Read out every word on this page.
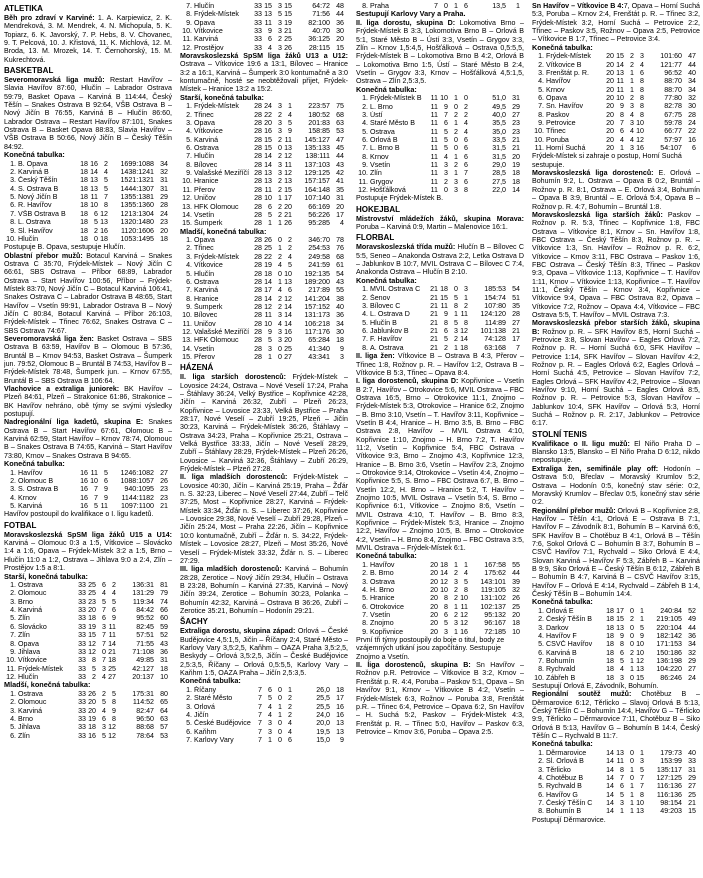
ATLETIKA
Běh pro zdraví v Karviné: 1. A. Karpiewicz, 2. K. Mendreková, 3. M. Mendrek, 4. N. Michopula, 5. K. Topiarz, 6. K. Javorský, 7. P. Hebs, 8. V. Chovanec, 9. T. Pelcová, 10. J. Křistová, 11. K. Michlová, 12. M. Broda, 13. M. Mrozek, 14. T. Černohorský, 15. M. Kukrechtová.
BASKETBAL
Severomoravská liga mužů: Restart Havířov – Slavia Havířov 87:60, Hlučín – Labrador Ostrava 59:79, Basket Opava – Karviná B 114:44, Český Těšín – Snakes Ostrava B 92:64, VŠB Ostrava B – Nový Jičín B 76:55, Karviná B – Hlučín 86:60, Labrador Ostrava – Restart Havířov 87:101, Snakes Ostrava B – Basket Opava 88:83, Slavia Havířov – VŠB Ostrava B 50:66, Nový Jičín B – Český Těšín 84:92.
Konečná tabulka:
1. B. Opava	18 16 2	1699:1088 34
2. Karviná B	18 14 4	1438:1241 32
3. Český Těšín	18 13 5	1521:1321 31
4. S. Ostrava B	18 13 5	1444:1307 31
5. Nový Jičín B	18 11 7	1355:1381 29
6. R. Havířov	18 10 8	1355:1360 28
7. VŠB Ostrava B	18 6 12	1213:1304 24
8. L. Ostrava	18 5 13	1320:1480 23
9. Sl. Havířov	18 2 16	1120:1606 20
10. Hlučín	18 0 18	1053:1495 18
Postupuje B. Opava, sestupuje Hlučín.
Oblastní přebor mužů: Botacul Karviná – Snakes Ostrava C 35:70, Frýdek-Místek – Nový Jičín C 66:61, SBS Ostrava – Příbor 68:89, Labrador Ostrava – Start Havířov 100:56, Příbor – Frýdek-Místek 83:70, Nový Jičín C – Botacul Karviná 106:41, Snakes Ostrava C – Labrador Ostrava B 48:65, Start Havířov – Vsetín 99:91, Labrador Ostrava B – Nový Jičín C 80:84, Botacul Karviná – Příbor 26:103, Frýdek-Místek – Třinec 76:62, Snakes Ostrava C – SBS Ostrava 74:67.
Severomoravská liga žen: Basket Ostrava – SBS Ostrava B 63:59, Havířov B – Olomouc B 57:36, Bruntál B – Krnov 94:53, Basket Ostrava – Šumperk jun. 79:52, Olomouc B – Bruntál B 74:53, Havířov B – Frýdek-Místek 78:48, Šumperk jun. – Krnov 67:55, Bruntál B – SBS Ostrava B 106:64.
Vlachovice a extraliga juniorek: BK Havířov – Plzeň 84:61, Plzeň – Strakonice 61:86, Strakonice – BK Havířov nehráno, obě týmy se svými výsledky postupují.
Nadregionální liga kadetů, skupina E: Snakes Ostrava B – Start Havířov 67:61, Olomouc B – Karviná 62:59, Start Havířov – Krnov 78:74, Olomouc B – Snakes Ostrava B 74:65, Karviná – Start Havířov 73:80, Krnov – Snakes Ostrava B 94:65.
Konečná tabulka:
1. Havířov	16 11 5	1246:1082 27
2. Olomouc B	16 10 6	1088:1057 26
3. S. Ostrava B	16 7 9	940:1095 23
4. Krnov	16 7 9	1144:1182 23
5. Karviná	16 5 11	1097:1100 21
Havířov postoupil do kvalifikace o I. ligu kadetů.
FOTBAL
Moravskoslezská SpSM liga žáků U15 a U14: Karviná – Olomouc 0:3 a 1:5, Vítkovice – Slovácko 1:4 a 1:6, Opava – Frýdek-Místek 3:2 a 1:5, Brno – Hlučín 11:0 a 1:2, Ostrava – Jihlava 9:0 a 2:4, Zlín – Prostějov 1:5 a 8:1.
Starší, konečná tabulka:
1. Ostrava	33 25 6 2	136:31 81
2. Olomouc	33 25 4 4	131:29 79
3. Brno	33 23 5 5	119:34 74
4. Karviná	33 20 7 6	84:42 66
5. Zlín	33 18 6 9	95:52 60
6. Slovácko	33 19 3 11	82:45 59
7. Zlín	33 15 7 11	57:51 52
8. Opava	33 12 7 14	71:55 43
9. Jihlava	33 12 0 21	71:108 36
10. Vítkovice	33 8 7 18	49:85 31
11. Frýdek-Místek	33 5 3 25	42:127 18
12. Hlučín	33 2 4 27	20:137 10
Mladší, konečná tabulka:
1. Ostrava	33 26 2 5	175:31 80
2. Olomouc	33 20 5 8	114:52 65
3. Karviná	33 20 4 9	82:47 64
4. Brno	33 19 6 8	96:50 63
5. Jihlava	33 18 3 12	88:68 57
6. Zlín	33 16 5 12	78:64 53
7. Hlučín	33 15 3 15	64:72 48
8. Frýdek-Místek	33 13 5 15	71:56 44
9. Opava	33 11 3 19	82:100 36
10. Vítkovice	33 9 3 21	40:70 30
11. Karviná	33 6 2 25	36:125 20
12. Prostějov	33 4 3 26	28:115 15
Moravskoslezská SpSM liga žáků U13 a U12: Ostrava – Vítkovice 19:6 a 13:1, Bílovec – Hranice 3:2 a 16:1, Karviná – Šumperk 3:0 kontumačně a 3:0 kontumačně, hosté se neobtěžovali přijet, Frýdek-Místek – Hranice 13:2 a 15:2.
Starší, konečná tabulka:
1. Frýdek-Místek	28 24 3 1	223:57 75
2. Třinec	28 22 2 4	180:52 68
3. Opava	28 20 3 5	201:83 63
4. Vítkovice	28 16 3 9	158:85 53
5. Karviná	28 15 2 11	145:127 47
6. Ostrava	28 15 0 13	135:133 45
7. Hlučín	28 14 2 12	138:111 44
8. Bílovec	28 14 3 11	137:103 43
9. Valašské Meziříčí 28 13 3 12	129:125 42
10. Hranice	28 13 2 13	157:157 41
11. Přerov	28 11 2 15	164:148 35
12. Uničov	28 10 1 17	107:140 31
13. HFK Olomouc	28 6 2 20	66:169 20
14. Vsetín	28 5 2 21	56:226 17
15. Šumperk	28 1 1 26	95:285	4
Mladší, konečná tabulka:
1. Opava	28 26 0 2	346:70 78
2. Třinec	28 25 1 2	254:53 76
3. Frýdek-Místek	28 22 2 4	249:58 68
4. Vítkovice	28 19 4 5	241:59 61
5. Hlučín	28 18 0 10	192:135 54
6. Ostrava	28 14 1 13	189:200 43
7. Karviná	28 17 4 6	217:89 55
8. Hranice	28 14 2 12	141:204 38
9. Šumperk	28 12 2 14	157:152 40
10. Bílovec	28 11 3 14	131:173 36
11. Uničov	28 10 4 14	106:218 34
12. Valašské Meziříčí 28 9 3 16	117:176 30
13. HFK Olomouc	28 5 3 20	65:284 18
14. Vsetín	28 3 0 25	41:340	9
15. Přerov	28 1 0 27	43:341	3
HÁZENÁ
II. liga starších dorostenců: Frýdek-Místek – Lovosice 24:24, Ostrava – Nové Veselí 17:24, Praha – Štáhlavy 36:24, Velký Bystřice – Kopřivnice 42:28, Jičín – Karviná 26:32, Zubří – Plzeň 26:23, Kopřivnice – Lovosice 23:33, Velká Bystřice – Praha 28:17, Nové Veselí – Zubří 19:25, Plzeň – Jičín 30:23, Karviná – Frýdek-Místek 36:26, Štáhlavy – Ostrava 34:23, Praha – Kopřivnice 25:21, Ostrava – Velká Bystřice 33:33, Jičín – Nové Veselí 28:29, Zubří – Štáhlavy 28:29, Frýdek-Místek – Plzeň 26:26, Lovosice – Karviná 32:36, Štáhlavy – Zubří 26:29, Frýdek-Místek – Plzeň 27:28.
II. liga mladších dorostenců: Frýdek-Místek – Lovosice 40:30, Jičín – Karviná 25:19, Praha – Žďár n. S. 32:23, Liberec – Nové Veselí 27:44, Zubří – Telč 37:25, Most – Kopřivnice 28:27, Karviná – Frýdek-Místek 33:34, Žďár n. S. – Liberec 37:26, Kopřivnice – Lovosice 29:38, Nové Veselí – Zubří 29:28, Plzeň – Jičín 25:24, Most – Praha 22:26, Jičín – Kopřivnice 10:0 kontumačně, Zubří – Žďár n. S. 34:22, Frýdek-Místek – Lovosice 28:27, Plzeň – Most 35:26, Nové Veselí – Frýdek-Místek 33:32, Žďár n. S. – Liberec 27:29.
III. liga mladších dorostenců: Karviná – Bohumín 28:28, Zerotice – Nový Jičín 29:34, Hlučín – Ostrava B 23:28, Bohumín – Karviná 27:35, Karviná – Nový Jičín 39:24, Zerotice – Bohumín 30:23, Polanka – Bohumín 42:32, Karviná – Ostrava B 36:26, Zubří – Zerotice 35:21, Bohumín – Hodonín 29:21.
ŠACHY
Extraliga dorostu, skupina západ: Orlová – České Budějovice 4,5:1,5, Jičín – Říčany 2:4, Staré Město – Karlovy Vary 3,5:2,5, Kaňhm – OAZA Praha 3,5:2,5, Beskydy – Orlová 3,5:2,5, Jičín – České Budějovice 2,5:3,5, Říčany – Orlová 0,5:5,5, Karlovy Vary – Kaňhm 1:5, OAZA Praha – Jičín 2,5:3,5.
Konečná tabulka:
1. Říčany	7 6 0 1	26,0 18
2. Staré Město	7 5 0 2	25,5 17
3. Orlová	7 4 1 2	25,5 16
4. Jičín	7 4 1 2	24,0 16
5. České Budějovice	7 3 0 4	20,0 13
6. Kaňhm	7 3 0 4	19,5 13
7. Karlovy Vary	7 1 0 6	15,0	9
8. Praha	7 0 1 6	13,5	1
Sestupují Karlovy Vary a Praha.
II. liga dorostu, skupina D: Lokomotiva Brno – Frýdek-Místek B 3:3, Lokomotiva Brno B – Orlová B 5:1, Staré Město B – Ústí 3:3, Vsetín – Grygov 3:3, Zlín – Krnov 1,5:4,5, Hošťálková – Ostrava 0,5:5,5, Frýdek-Místek B – Lokomotiva Brno B 4:2, Orlová B – Lokomotiva Brno 1:5, Ústí – Staré Město B 2:4, Vsetín – Grygov 3:3, Krnov – Hošťálková 4,5:1,5, Ostrava – Zlín 2,5:3,5.
Konečná tabulka:
1. Frýdek-Místek B	11 10 1 0	51,0 31
2. L. Brno	11 9 0 2	49,5 29
3. Ústí	11 7 2 2	40,0 27
4. Staré Město B	11 6 1 4	35,5 23
5. Ostrava	11 5 2 4	35,0 23
6. Orlová B	11 5 0 6	33,5 21
7. L. Brno B	11 5 0 6	31,5 21
8. Krnov	11 4 1 6	31,5 20
9. Vsetín	11 3 2 6	29,0 19
10. Zlín	11 3 1 7	28,5 18
11. Grygov	11 2 3 6	27,5 18
12. Hošťálková	11 0 3 8	22,0 14
Postupuje Frýdek-Místek B.
HOKEJBAL
Mistrovství mládežích žáků, skupina Morava: Poruba – Karviná 0:9, Martin – Malenovice 16:1.
FLORBAL
Moravskoslezská třída mužů: Hlučín B – Bílovec C 5:5, Seneo – Anakonda Ostrava 2:2, Letka Ostrava D – Jablunkov B 10:7, MVIL Ostrava C – Bílovec C 7:4, Anakonda Ostrava – Hlučín B 2:10.
Konečná tabulka:
1. MVIL Ostrava C	21 18 0 3	185:53 54
2. Šenov	21 15 5 1	154:74 51
3. Bílovec C	21 11 8 2	107:80 35
4. L. Ostrava D	21 9 1 11	124:120 28
5. Hlučín B	21 8 5 8	114:89 27
6. Jablunkov B	21 6 3 12	101:138 21
7. F. Havířov	21 5 2 14	74:128 17
8. A. Ostrava	21 2 1 18	63:168	7
II. liga žen: Vítkovice B – Ostrava B 4:3, Přerov – Třinec 1:8, Rožnov p. R. – Havířov 1:2, Ostrava B – Vítkovice B 5:3, Třinec – Opava 8:4.
I. liga dorostenců, skupina D: Kopřivnice – Vsetín B 2:7, Havířov – Otrokovice 5:6, MVIL Ostrava – FBC Ostrava 16:5, Brno – Otrokovice 11:1, Znojmo – Frýdek-Místek 5:3, Otrokovice – Hranice 6:2, Znojmo – B. Brno 3:10, Vsetín – T. Havířov 3:11, Kopřivnice – Vsetín B 4:4, Hranice – H. Brno 3:5, B. Brno – FBC Ostrava 2:8, Havířov – MVIL Ostrava 4:10, Kopřivnice 1:10, Znojmo – H. Brno 7:2, T. Havířov 11:2, Vsetín – Kopřivnice 5:4, FBC Ostrava – Vítkovice 9:3, Brno – Znojmo 4:3, Kopřivnice 12:3, Hranice – B. Brno 3:6, Vsetín – Havířov 2:3, Znojmo – Otrokovice 9:14, Otrokovice – Vsetín 4:4, Znojmo – Kopřivnice 5:5, S. Brno – FBC Ostrava 6:7, B. Brno – Vsetín 12:2, H. Brno – Hranice 5:2, T. Havířov – Znojmo 10:5, MVIL Ostrava – Vsetín 5:4, S. Brno – Kopřivnice 6:1, Vítkovice – Znojmo 8:6, Vsetín – MVIL Ostrava 4:10, T. Havířov – B. Brno 8:3, Kopřivnice – Frýdek-Místek 5:3, Hranice – Znojmo 12:2, Havířov – Znojmo 10:5, B. Brno – Otrokovice 4:2, Vsetín – H. Brno 8:4, Znojmo – FBC Ostrava 3:5, MVIL Ostrava – Frýdek-Místek 6:1.
Konečná tabulka:
1. Havířov	20 18 1 1	167:58 55
2. B. Brno	20 14 2 4	175:62 44
3. Ostrava	20 12 3 5	143:101 39
4. H. Brno	20 10 2 8	119:105 32
5. Hranice	20 8 2 10	131:102 26
6. Otrokovice	20 8 1 11	102:137 25
7. Vsetín	20 6 2 12	95:132 20
8. Znojmo	20 5 3 12	96:167 18
9. Kopřivnice	20 3 1 16	72:185 10
První tři týmy postoupily do boje o titul, body ze vzájemných utkání jsou započítány. Sestupuje Znojmo a Vsetín.
II. liga dorostenců, skupina B: Sn Havířov – Rožnov p.R. Petrovice – Vítkovice B 3:2, Krnov – Frenštát p. R. 4:4, Poruba – Paskov 5:1, Opava – Sn Havířov 9:1, Krnov – Vítkovice B 4:2, Vsetín – Frýdek-Místek 6:3, Rožnov – Poruba 3:8, Frenštát p.R. – Třinec 6:4, Petrovice – Opava 6:2, Sn Havířov – H. Suchá 5:2, Paskov – Frýdek-Místek 4:3, Frenštát p. R. – Třinec 5:0, Havířov – Paskov 6:3, Petrovice – Krnov 3:6, Poruba – Opava 2:5.
Sn Havířov – Vítkovice B 4:7, Opava – Horní Suchá 5:3, Poruba – Krnov 2:4, Frenštát p. R. – Třinec 3:2, Frýdek-Místek 3:2, Horní Suchá – Petrovice 2:2, Třinec – Paskov 3:5, Rožnov – Opava 2:5, Petrovice – Vítkovice B 1:7, Třinec – Petrovice 3:4.
Konečná tabulka:
1. Frýdek-Místek	20 15 2 3	101:60 47
2. Vítkovice B	20 14 2 4	121:77 44
3. Frenštát p. R.	20 13 1 6	96:52 40
4. Havířov	20 11 1 8	88:70 34
5. Krnov	20 11 1 8	88:70 34
6. Opava	20 10 2 8	77:80 32
7. Sn. Havířov	20 9 3 8	82:78 30
8. Paskov	20 8 4 8	67:75 28
9. Petrovice	20 7 3 10	59:78 24
10. Třinec	20 6 4 10	66:77 22
10. Poruba	20 4 4 12	57:97 16
11. Horní Suchá	20 1 3 16	54:107	6
Frýdek-Místek si zahraje o postup, Horní Suchá sestupuje.
Moravskoslezská liga dorostenců: E. Orlová – Bohumín 9:2, L. Ostrava – Opava B 0:2, Bruntál – Rožnov p. R. 8:1, Ostrava – E. Orlová 3:4, Bohumín – Opava B 3:9, Bruntál – E. Orlová 5:4, Opava B – Rožnov p. R. 4:7, Bohumín – Bruntál 1:8.
Moravskoslezská liga starších žáků: Paskov – Rožnov p. R. 5:3, Třinec – Kopřivnice 1:8, FBC Ostrava – Vítkovice 8:1, Krnov – Sn. Havířov 1:8, FBC Ostrava – Český Těšín 8:3, Rožnov p. R. – Vítkovice 1:3, Sn. Havířov – Rožnov p. R. 6:2, Vítkovice – Krnov 3:11, FBC Ostrava – Paskov 1:6, FBC Ostrava – Český Těšín 8:3, Třinec – Paskov 9:3, Opava – Vítkovice 1:13, Kopřivnice – T. Havířov 1:11, Krnov – Vítkovice 1:13, Kopřivnice – T. Havířov 11:1, Český Těšín – Krnov 3:4, Kopřivnice – Vítkovice 9:4, Opava – FBC Ostrava 8:2, Opava – Vítkovice 7:2, Rožnov – Opava 4:4, Vítkovice – FBC Ostrava 5:5, T. Havířov – MVIL Ostrava 7:3.
Moravskoslezská přebor starších žáků, skupina B: Rožnov p. R. – SFK Havířov 8:5, Horní Suchá – Petrovice 3:8, Slovan Havířov – Eagles Orlová 7:2, Rožnov p. R. – Horní Suchá 6:0, SFK Havířov – Petrovice 1:14, SFK Havířov – Slovan Havířov 4:2, Rožnov p. R. – Eagles Orlová 6:2, Eagles Orlová – Horní Suchá 4:5, Petrovice – Slovan Havířov 7:2, Eagles Orlová – SFK Havířov 4:2, Petrovice – Slovan Havířov 9:10, Horní Suchá – Eagles Orlová 8:5, Rožnov p. R. – Petrovice 5:3, Slovan Havířov – Jablunkov 10:4, SFK Havířov – Orlová 5:3, Horní Suchá – Rožnov p. R. 2:17, Jablunkov – Petrovice 6:17.
STOLNÍ TENIS
Kvalifikace o II. ligu mužů: El Niño Praha D – Blansko 13:5, Blansko – El Niño Praha D 6:12, nikdo nepostupuje.
Extraliga žen, semifinále play off: Hodonín – Ostrava 5:0, Břeclav – Moravský Krumlov 5:2, Ostrava – Hodonín 0:5, konečný stav série: 0:2, Moravský Krumlov – Břeclav 0:5, konečný stav série 0:2.
Regionální přebor mužů: Orlová B – Kopřivnice 2:8, Havířov – Těšín 4:1, Orlová E – Ostrava B 7:1, Havířov F – Závodník 8:1, Bohumín B – Karviná 6:6, SFK Havířov B – Chotěbuz B 4:1, Orlová B – Těšín 7:6, Sokol Orlová C – Bohumín B 3:7, Bohumín B – CSVČ Havířov 7:1, Rychvald – Siko Orlová E 4:4, Slovan Karviná – Havířov F 5:3, Zábřeh B – Karviná B 9:9, Siko Orlová E – Český Těšín B 6:12, Zábřeh B – Bohumín B 4:7, Karviná B – CSVČ Havířov 3:15, Havířov F – Orlová E 4:14, Rychvald – Zábřeh B 1:4, Český Těšín B – Bohumín 14:4.
Konečná tabulka:
1. Orlová E	18 17 0 1	240:84 52
2. Český Těšín B	18 15 2 1	219:105 49
3. Darkov	18 13 0 5	220:104 44
4. Havířov F	18 9 0 9	182:142 36
5. CSVČ Havířov	18 8 0 10	171:153 34
6. Karviná B	18 6 2 10	150:186 32
7. Bohumín	18 5 1 12	136:198 29
8. Rychvald	18 4 1 13	104:220 27
10. Zábřeh B	18 3 0 15	86:246 24
Sestupují Orlová E, Závodník, Bohumín.
Regionální soutěž mužů: Chotěbuz B – Děrmarovice 6:12, Těrlicko – Slavoj Orlová B 5:13, Český Těšín C – Bohumín 14:4, Havířov G – Těrlicko 9:9, Těrlicko – Děrmarovice 7:11, Chotěbuz B – Siko Orlová B 5:13, Havířov G – Bohumín B 14:4, Český Těšín C – Rychvald B 11:7.
Konečná tabulka:
1. Děrmarovice	14 13 0 1	179:73 40
2. Sl. Orlová B	14 11 0 3	153:99 33
3. Těrlicko	14 8 1 5	135:117 31
4. Chotěbuz B	14 7 0 7	127:125 29
5. Rychvald B	14 6 1 7	116:136 27
6. Havířov G	14 5 1 8	116:136 25
7. Český Těšín C	14 3 1 10	98:154 21
8. Bohumín B	14 1 1 13	49:203 15
Postupují Děrmarovice.
